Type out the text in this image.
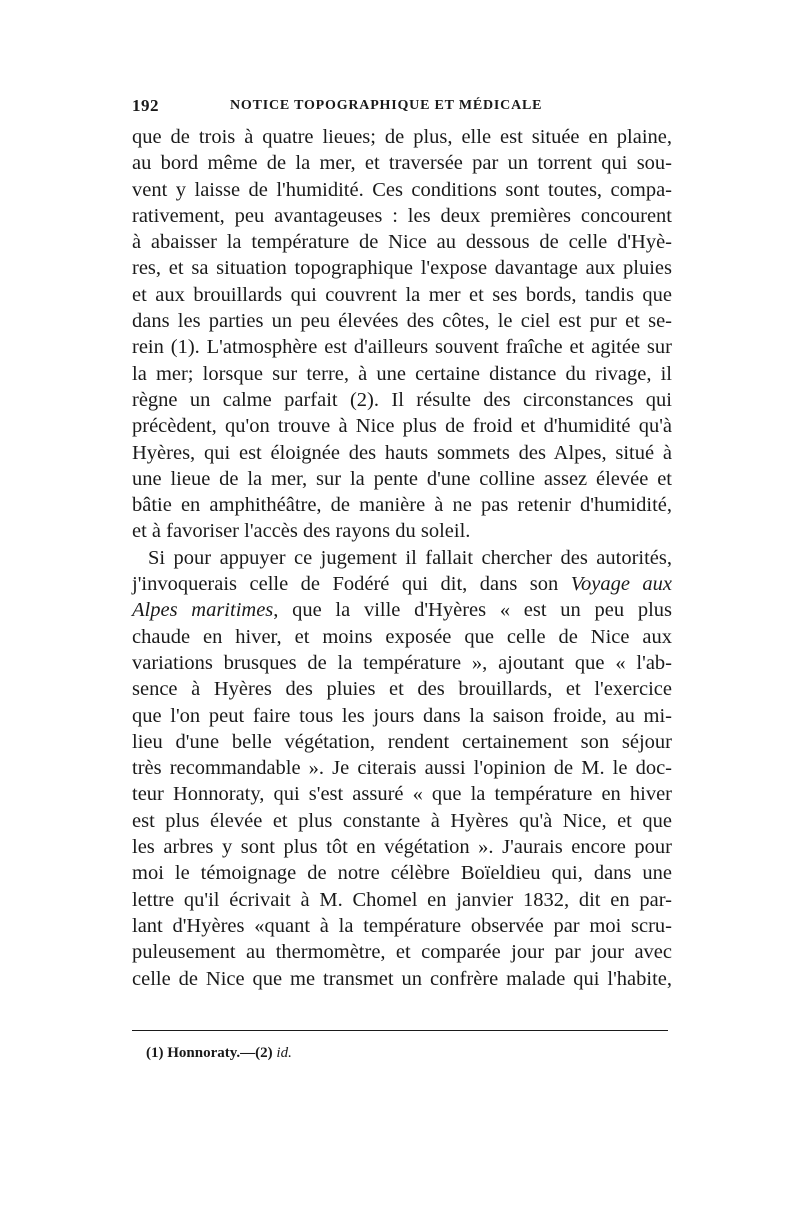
192	NOTICE TOPOGRAPHIQUE ET MÉDICALE
que de trois à quatre lieues; de plus, elle est située en plaine,
au bord même de la mer, et traversée par un torrent qui sou-
vent y laisse de l'humidité. Ces conditions sont toutes, compa-
rativement, peu avantageuses : les deux premières concourent
à abaisser la température de Nice au dessous de celle d'Hyè-
res, et sa situation topographique l'expose davantage aux pluies
et aux brouillards qui couvrent la mer et ses bords, tandis que
dans les parties un peu élevées des côtes, le ciel est pur et se-
rein (1). L'atmosphère est d'ailleurs souvent fraîche et agitée sur
la mer; lorsque sur terre, à une certaine distance du rivage, il
règne un calme parfait (2). Il résulte des circonstances qui
précèdent, qu'on trouve à Nice plus de froid et d'humidité qu'à
Hyères, qui est éloignée des hauts sommets des Alpes, situé à
une lieue de la mer, sur la pente d'une colline assez élevée et
bâtie en amphithéâtre, de manière à ne pas retenir d'humidité,
et à favoriser l'accès des rayons du soleil.
Si pour appuyer ce jugement il fallait chercher des autorités,
j'invoquerais celle de Fodéré qui dit, dans son Voyage aux
Alpes maritimes, que la ville d'Hyères « est un peu plus
chaude en hiver, et moins exposée que celle de Nice aux
variations brusques de la température », ajoutant que « l'ab-
sence à Hyères des pluies et des brouillards, et l'exercice
que l'on peut faire tous les jours dans la saison froide, au mi-
lieu d'une belle végétation, rendent certainement son séjour
très recommandable ». Je citerais aussi l'opinion de M. le doc-
teur Honnoraty, qui s'est assuré « que la température en hiver
est plus élevée et plus constante à Hyères qu'à Nice, et que
les arbres y sont plus tôt en végétation ». J'aurais encore pour
moi le témoignage de notre célèbre Boïeldieu qui, dans une
lettre qu'il écrivait à M. Chomel en janvier 1832, dit en par-
lant d'Hyères «quant à la température observée par moi scru-
puleusement au thermomètre, et comparée jour par jour avec
celle de Nice que me transmet un confrère malade qui l'habite,
(1) Honnoraty.—(2) id.
